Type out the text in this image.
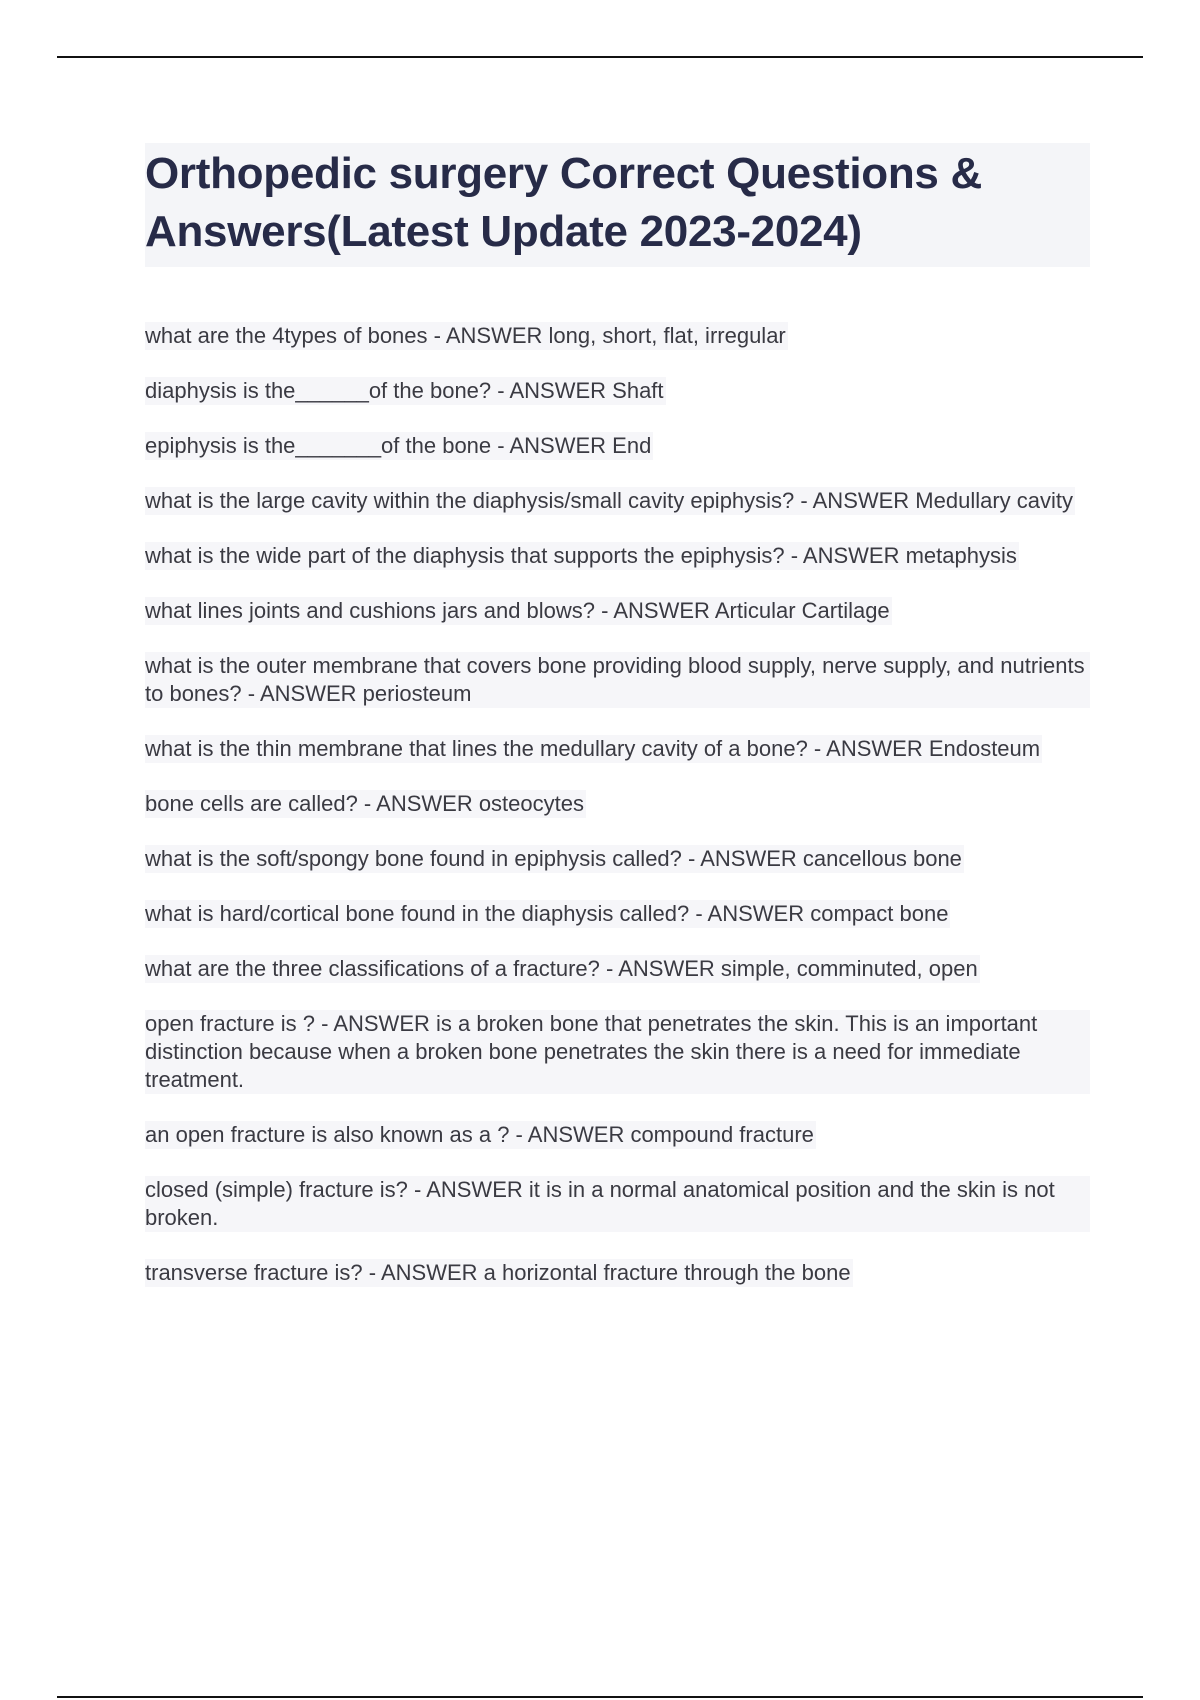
Orthopedic surgery Correct Questions & Answers(Latest Update 2023-2024)
what are the 4types of bones - ANSWER long, short, flat, irregular
diaphysis is the______of the bone? - ANSWER Shaft
epiphysis is the_______of the bone - ANSWER End
what is the large cavity within the diaphysis/small cavity epiphysis? - ANSWER Medullary cavity
what is the wide part of the diaphysis that supports the epiphysis? - ANSWER metaphysis
what lines joints and cushions jars and blows? - ANSWER Articular Cartilage
what is the outer membrane that covers bone providing blood supply, nerve supply, and nutrients to bones? - ANSWER periosteum
what is the thin membrane that lines the medullary cavity of a bone? - ANSWER Endosteum
bone cells are called? - ANSWER osteocytes
what is the soft/spongy bone found in epiphysis called? - ANSWER cancellous bone
what is hard/cortical bone found in the diaphysis called? - ANSWER compact bone
what are the three classifications of a fracture? - ANSWER simple, comminuted, open
open fracture is ? - ANSWER is a broken bone that penetrates the skin. This is an important distinction because when a broken bone penetrates the skin there is a need for immediate treatment.
an open fracture is also known as a ? - ANSWER compound fracture
closed (simple) fracture is? - ANSWER it is in a normal anatomical position and the skin is not broken.
transverse fracture is? - ANSWER a horizontal fracture through the bone
